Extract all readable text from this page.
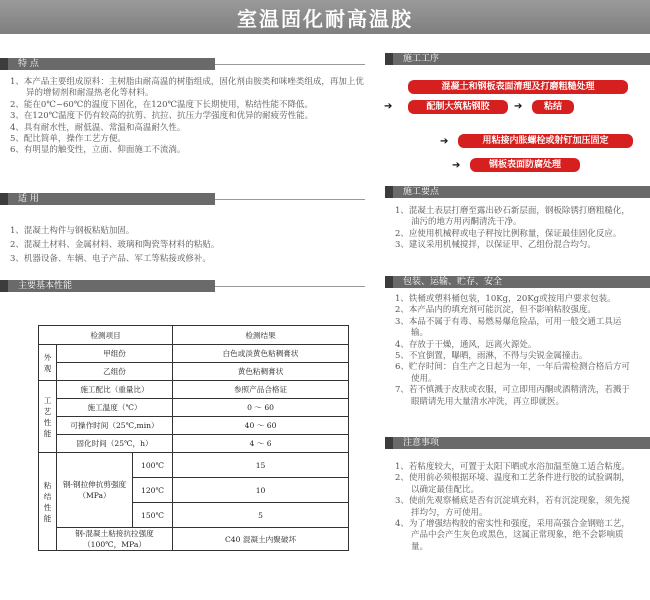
室温固化耐高温胶
特 点
1、本产品主要组成原料：主树脂由耐高温的树脂组成，固化剂由胺类和咪唑类组成，再加上优异的增韧剂和耐湿热老化等材料。
2、能在0℃~60℃的温度下固化，在120℃温度下长期使用，粘结性能不降低。
3、在120℃温度下仍有较高的抗剪、抗拉、抗压力学强度和优异的耐疲劳性能。
4、具有耐水性，耐低温、常温和高温耐久性。
5、配比简单，操作工艺方便。
6、有明显的触变性，立面、仰面施工不流淌。
适 用
1、混凝土构件与钢板粘贴加固。
2、混凝土材料、金属材料、玻璃和陶瓷等材料的粘贴。
3、机器设备、车辆、电子产品、军工等粘接或修补。
主要基本性能
检测项目			检测结果
外观	甲组份		白色或淡黄色粘稠膏状
	乙组份		黄色粘稠膏状
工艺性能	施工配比（重量比）		参照产品合格证
	施工温度（℃）		0 ～ 60
	可操作时间（25℃,min）		40 ～ 60
	固化时间（25℃，h）		4 ～ 6
粘结性能	钢-钢拉伸抗剪强度（MPa）	100℃	15
		120℃	10
		150℃	5
	钢-混凝土粘接抗拉强度（100℃，MPa）		C40 混凝土内聚破坏
施工工序
混凝土和钢板表面清理及打磨粗糙处理
➔	配制大筑粘钢胶	➔	粘结
➔	用粘接内胀螺栓或射钉加压固定
➔	钢板表面防腐处理
施工要点
1、混凝土表层打磨至露出砂石新层面，钢板除锈打磨粗糙化，油污的地方用丙酮清洗干净。
2、应使用机械秤或电子秤按比例称量，保证最佳固化反应。
3、建议采用机械搅拌，以保证甲、乙组份混合均匀。
包装、运输、贮存、安全
1、铁桶或塑料桶包装，10Kg，20Kg或按用户要求包装。
2、本产品内的填充剂可能沉淀，但不影响粘胶强度。
3、本品不属于有毒、易燃易爆危险品，可用一般交通工具运输。
4、存放于干燥，通风，远离火源处。
5、不宜倒置，曝晒，雨淋，不得与尖锐金属撞击。
6、贮存时间：自生产之日起为一年，一年后需检测合格后方可使用。
7、若不慎溅于皮肤或衣服，可立即用丙酮或酒精清洗，若溅于眼睛请先用大量清水冲洗，再立即就医。
注意事项
1、若粘度较大，可置于太阳下晒或水浴加温至施工适合粘度。
2、使用前必须根据环境、温度和工艺条件进行胶的试验调制，以确定最佳配比。
3、使前先观察桶底是否有沉淀填充料，若有沉淀现象，须先搅拌均匀，方可使用。
4、为了增强结构胶的密实性和强度，采用高强合金钢赔工艺，产品中会产生灰色或黑色，这属正常现象，绝不会影响质量。
